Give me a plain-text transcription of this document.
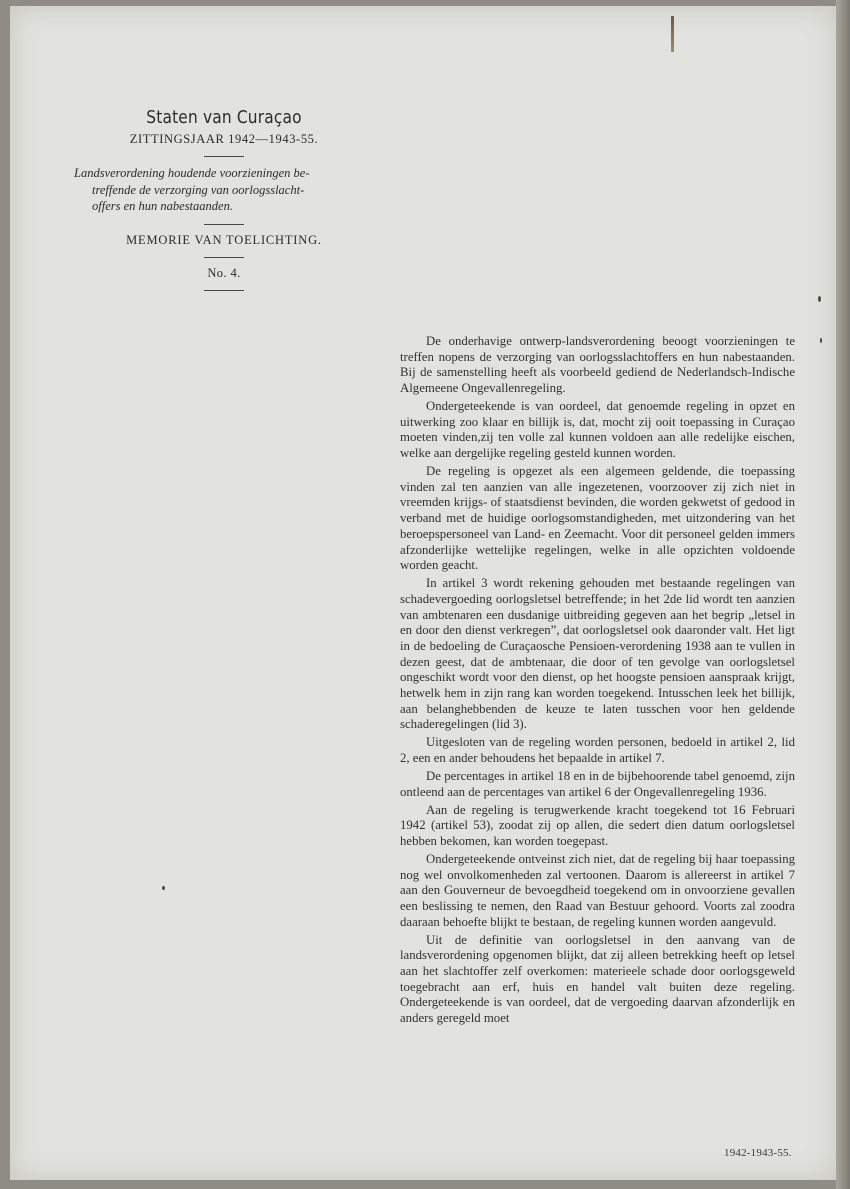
Staten van Curaçao
ZITTINGSJAAR 1942—1943-55.
Landsverordening houdende voorzieningen be-
treffende de verzorging van oorlogsslacht-
offers en hun nabestaanden.
MEMORIE VAN TOELICHTING.
No. 4.

De onderhavige ontwerp-landsverordening beoogt voorzieningen te treffen nopens de verzorging van oorlogsslachtoffers en hun nabestaanden. Bij de samenstelling heeft als voorbeeld gediend de Nederlandsch-Indische Algemeene Ongevallenregeling.

Ondergeteekende is van oordeel, dat genoemde regeling in opzet en uitwerking zoo klaar en billijk is, dat, mocht zij ooit toepassing in Curaçao moeten vinden,zij ten volle zal kunnen voldoen aan alle redelijke eischen, welke aan dergelijke regeling gesteld kunnen worden.

De regeling is opgezet als een algemeen geldende, die toepassing vinden zal ten aanzien van alle ingezetenen, voorzoover zij zich niet in vreemden krijgs- of staatsdienst bevinden, die worden gekwetst of gedood in verband met de huidige oorlogsomstandigheden, met uitzondering van het beroepspersoneel van Land- en Zeemacht. Voor dit personeel gelden immers afzonderlijke wettelijke regelingen, welke in alle opzichten voldoende worden geacht.

In artikel 3 wordt rekening gehouden met bestaande regelingen van schadevergoeding oorlogsletsel betreffende; in het 2de lid wordt ten aanzien van ambtenaren een dusdanige uitbreiding gegeven aan het begrip „letsel in en door den dienst verkregen”, dat oorlogsletsel ook daaronder valt. Het ligt in de bedoeling de Curaçaosche Pensioen-verordening 1938 aan te vullen in dezen geest, dat de ambtenaar, die door of ten gevolge van oorlogsletsel ongeschikt wordt voor den dienst, op het hoogste pensioen aanspraak krijgt, hetwelk hem in zijn rang kan worden toegekend. Intusschen leek het billijk, aan belanghebbenden de keuze te laten tusschen voor hen geldende schaderegelingen (lid 3).

Uitgesloten van de regeling worden personen, bedoeld in artikel 2, lid 2, een en ander behoudens het bepaalde in artikel 7.

De percentages in artikel 18 en in de bijbehoorende tabel genoemd, zijn ontleend aan de percentages van artikel 6 der Ongevallenregeling 1936.

Aan de regeling is terugwerkende kracht toegekend tot 16 Februari 1942 (artikel 53), zoodat zij op allen, die sedert dien datum oorlogsletsel hebben bekomen, kan worden toegepast.

Ondergeteekende ontveinst zich niet, dat de regeling bij haar toepassing nog wel onvolkomenheden zal vertoonen. Daarom is allereerst in artikel 7 aan den Gouverneur de bevoegdheid toegekend om in onvoorziene gevallen een beslissing te nemen, den Raad van Bestuur gehoord. Voorts zal zoodra daaraan behoefte blijkt te bestaan, de regeling kunnen worden aangevuld.

Uit de definitie van oorlogsletsel in den aanvang van de landsverordening opgenomen blijkt, dat zij alleen betrekking heeft op letsel aan het slachtoffer zelf overkomen: materieele schade door oorlogsgeweld toegebracht aan erf, huis en handel valt buiten deze regeling. Ondergeteekende is van oordeel, dat de vergoeding daarvan afzonderlijk en anders geregeld moet

1942-1943-55.
